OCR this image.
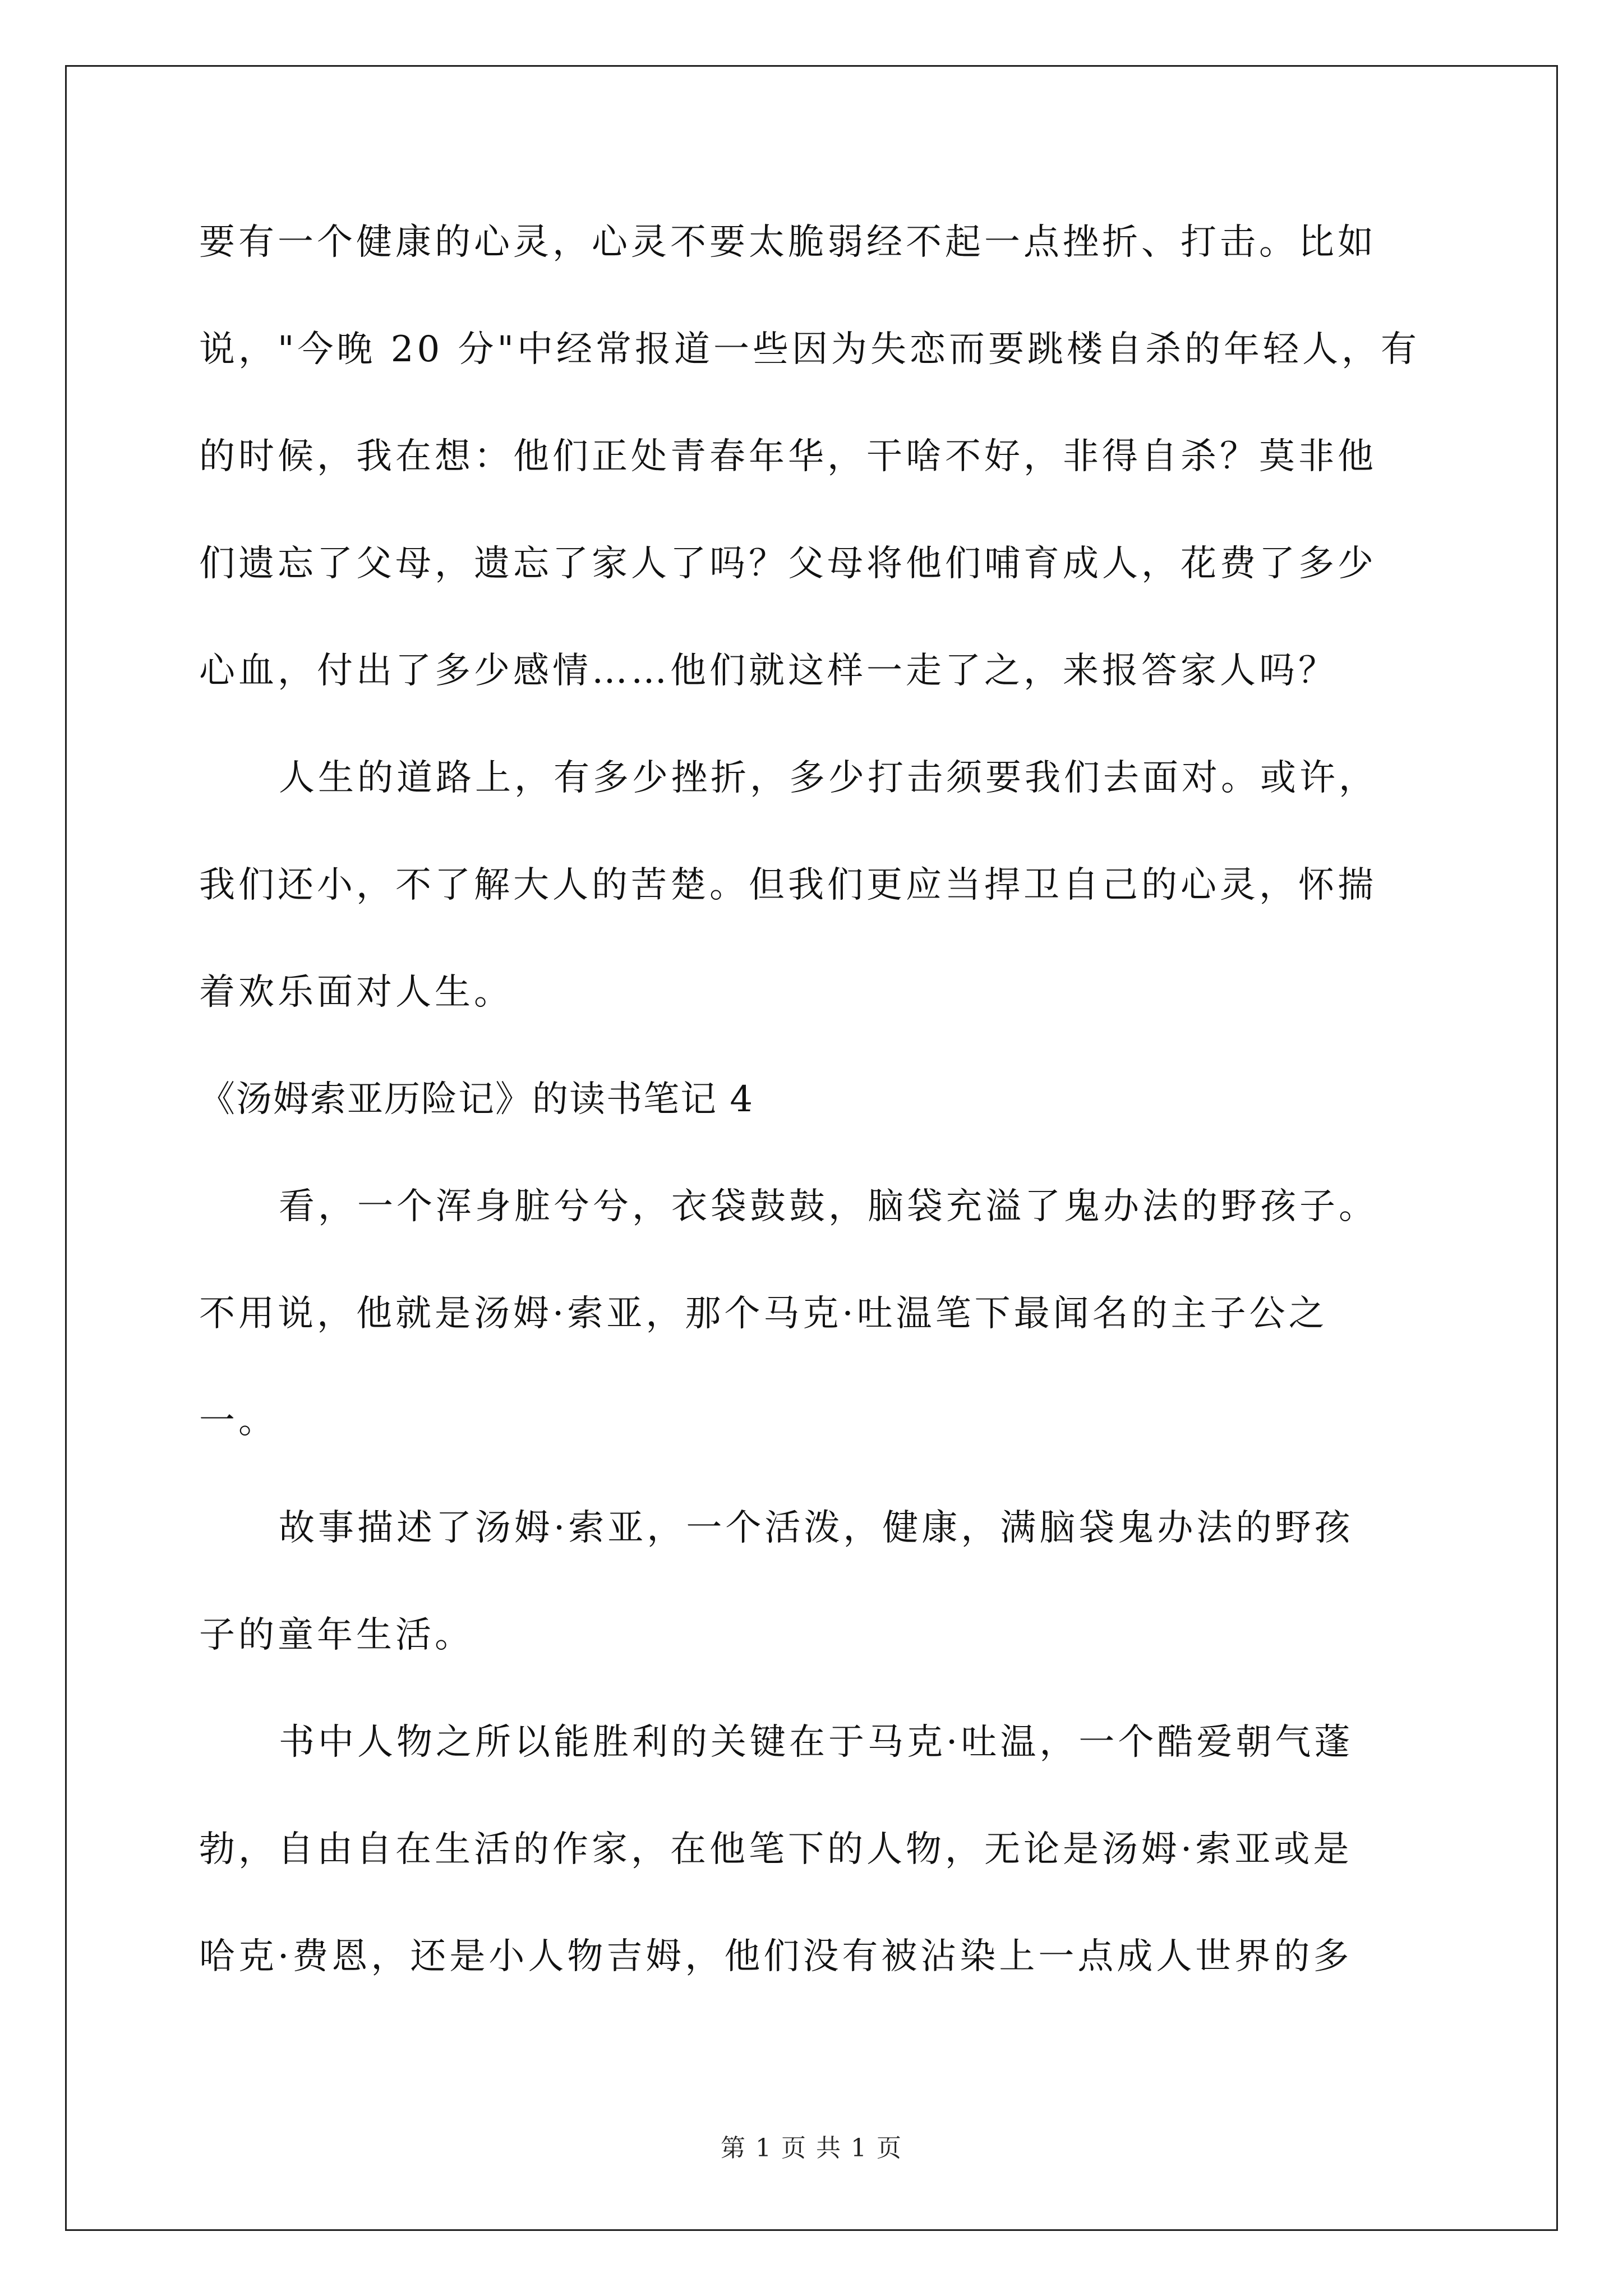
要有一个健康的心灵，心灵不要太脆弱经不起一点挫折、打击。比如
说，"今晚 20 分"中经常报道一些因为失恋而要跳楼自杀的年轻人，有
的时候，我在想：他们正处青春年华，干啥不好，非得自杀？莫非他
们遗忘了父母，遗忘了家人了吗？父母将他们哺育成人，花费了多少
心血，付出了多少感情……他们就这样一走了之，来报答家人吗？
人生的道路上，有多少挫折，多少打击须要我们去面对。或许，
我们还小，不了解大人的苦楚。但我们更应当捍卫自己的心灵，怀揣
着欢乐面对人生。
《汤姆索亚历险记》的读书笔记 4
看，一个浑身脏兮兮，衣袋鼓鼓，脑袋充溢了鬼办法的野孩子。
不用说，他就是汤姆·索亚，那个马克·吐温笔下最闻名的主子公之
一。
故事描述了汤姆·索亚，一个活泼，健康，满脑袋鬼办法的野孩
子的童年生活。
书中人物之所以能胜利的关键在于马克·吐温，一个酷爱朝气蓬
勃，自由自在生活的作家，在他笔下的人物，无论是汤姆·索亚或是
哈克·费恩，还是小人物吉姆，他们没有被沾染上一点成人世界的多
第 1 页 共 1 页
